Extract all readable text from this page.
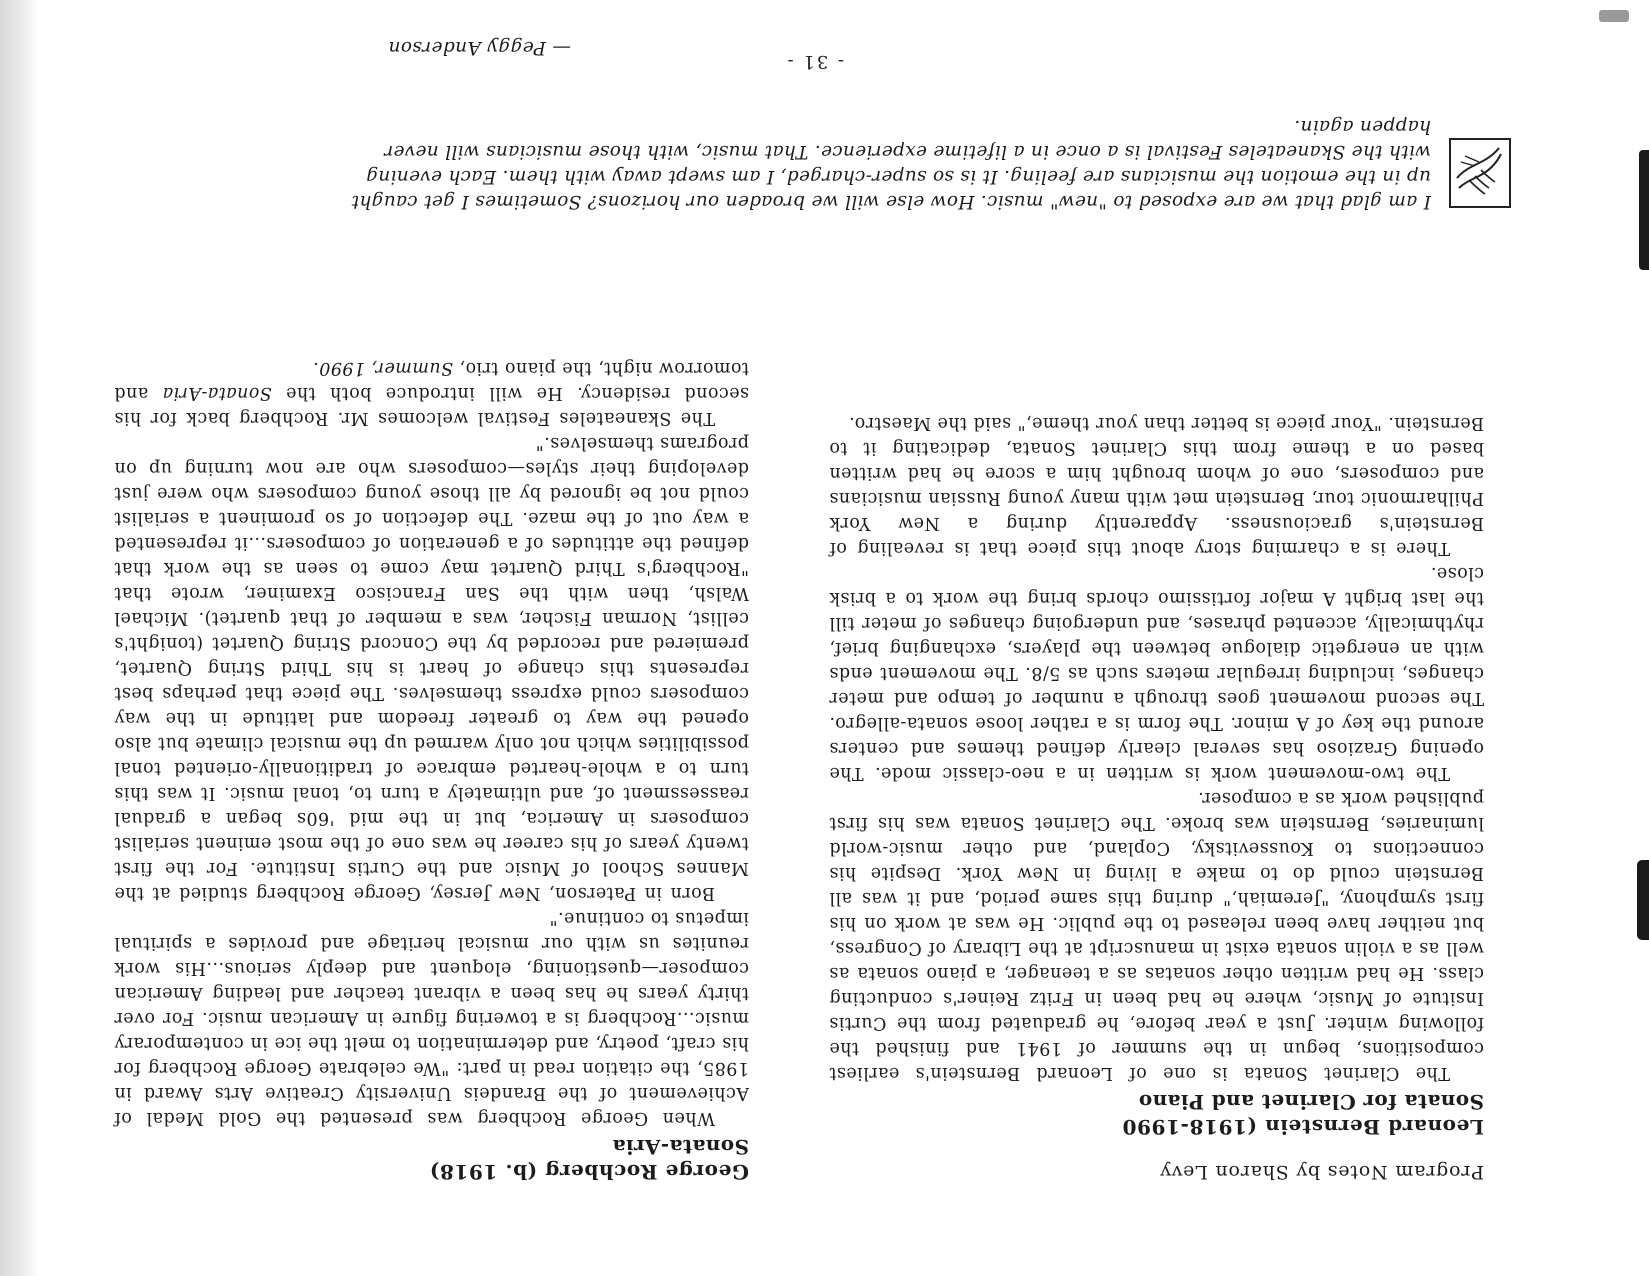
Program Notes by Sharon Levy
Leonard Bernstein (1918-1990
Sonata for Clarinet and Piano

The Clarinet Sonata is one of Leonard Bernstein's earliest compositions, begun in the summer of 1941 and finished the following winter. Just a year before, he graduated from the Curtis Insitute of Music, where he had been in Fritz Reiner's conducting class. He had written other sonatas as a teenager, a piano sonata as well as a violin sonata exist in manuscript at the Library of Congress, but neither have been released to the public. He was at work on his first symphony, "Jeremiah," during this same period, and it was all Bernstein could do to make a living in New York. Despite his connections to Koussevitsky, Copland, and other music-world luminaries, Bernstein was broke. The Clarinet Sonata was his first published work as a composer.

The two-movement work is written in a neo-classic mode. The opening Grazioso has several clearly defined themes and centers around the key of A minor. The form is a rather loose sonata-allegro. The second movement goes through a number of tempo and meter changes, including irregular meters such as 5/8. The movement ends with an energetic dialogue between the players, exchanging brief, rhythmically, accented phrases, and undergoing changes of meter till the last bright A major fortissimo chords bring the work to a brisk close.

There is a charming story about this piece that is revealing of Bernstein's graciousness. Apparently during a New York Philharmonic tour, Bernstein met with many young Russian musicians and composers, one of whom brought him a score he had written based on a theme from this Clarinet Sonata, dedicating it to Bernstein. "Your piece is better than your theme," said the Maestro.

George Rochberg (b. 1918)
Sonata-Aria

When George Rochberg was presented the Gold Medal of Achievement of the Brandeis University Creative Arts Award in 1985, the citation read in part: "We celebrate George Rochberg for his craft, poetry, and determination to melt the ice in contemporary music...Rochberg is a towering figure in American music. For over thirty years he has been a vibrant teacher and leading American composer—questioning, eloquent and deeply serious...His work reunites us with our musical heritage and provides a spiritual impetus to continue."

Born in Paterson, New Jersey, George Rochberg studied at the Mannes School of Music and the Curtis Institute. For the first twenty years of his career he was one of the most eminent serialist composers in America, but in the mid '60s began a gradual reassessment of, and ultimately a turn to, tonal music. It was this turn to a whole-hearted embrace of traditionally-oriented tonal possibilities which not only warmed up the musical climate but also opened the way to greater freedom and latitude in the way composers could express themselves. The piece that perhaps best represents this change of heart is his Third String Quartet, premiered and recorded by the Concord String Quartet (tonight's cellist, Norman Fischer, was a member of that quartet). Michael Walsh, then with the San Francisco Examiner, wrote that "Rochberg's Third Quartet may come to seen as the work that defined the attitudes of a generation of composers...it represented a way out of the maze. The defection of so prominent a serialist could not be ignored by all those young composers who were just developing their styles—composers who are now turning up on programs themselves."

The Skaneateles Festival welcomes Mr. Rochberg back for his second residency. He will introduce both the Sonata-Aria and tomorrow night, the piano trio, Summer, 1990.

I am glad that we are exposed to "new" music. How else will we broaden our horizons? Sometimes I get caught up in the emotion the musicians are feeling. It is so super-charged, I am swept away with them. Each evening with the Skaneateles Festival is a once in a lifetime experience. That music, with those musicians will never happen again.
— Peggy Anderson
- 31 -
